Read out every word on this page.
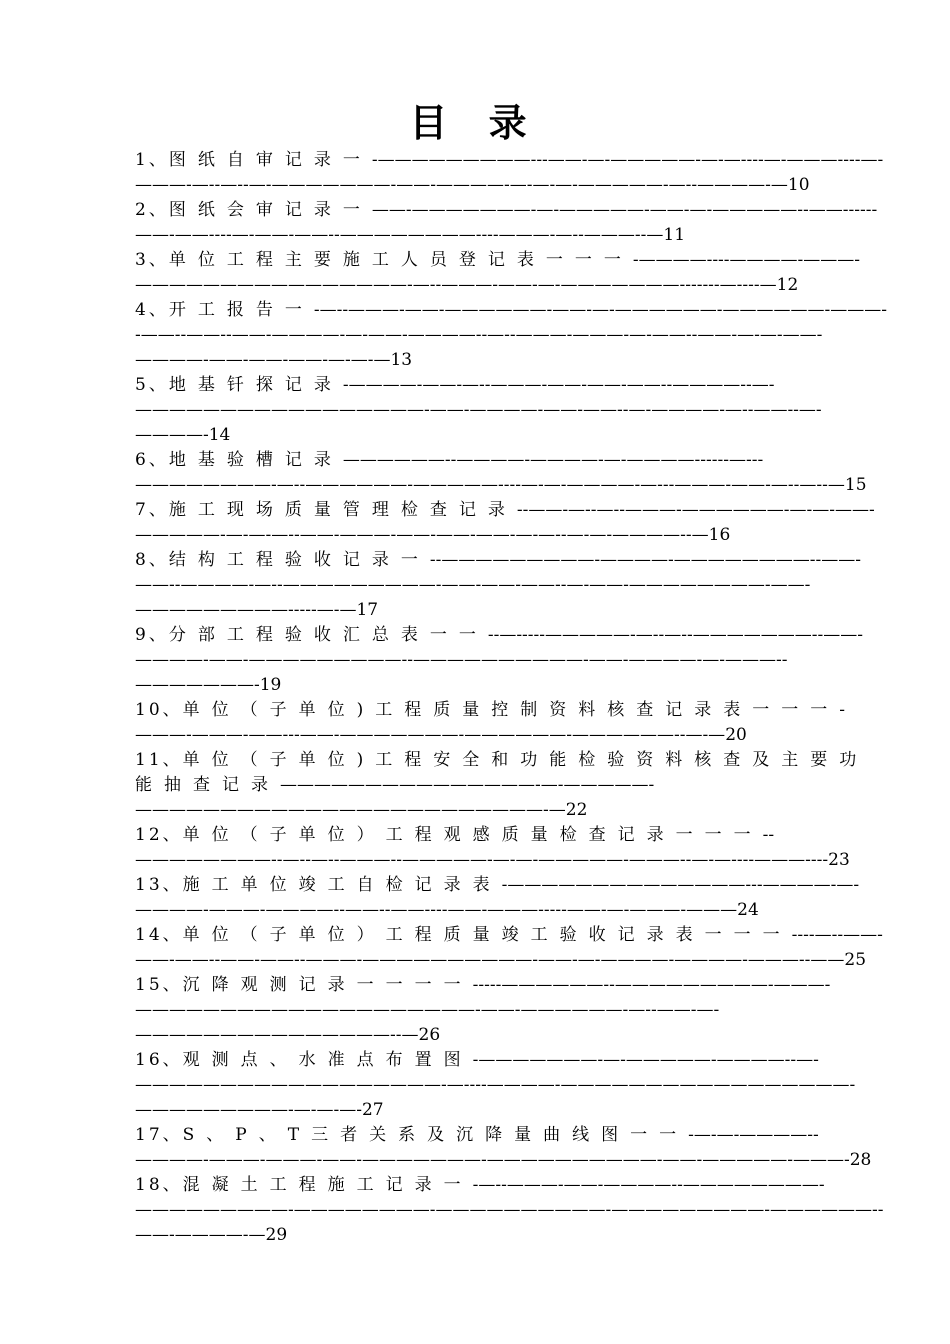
目 录
1、图纸自审记录一-—————————---——-—-—————-—-—----—-———----—-———-—--—--—-———————-——-————-—-—-—-—————-—--————-—10
2、图纸会审记录一——-———————-—-—————-——-—-—————--——------——-——----—-——-——--————————----———-—--———--—11
3、单位工程主要施工人员登记表一一一-————----————-———-————————————————-—--———-——-—-———————-------—----—12
4、开工报告一-—--———-——-——————-——-—-——————-——————-———--——--——--——-————-—-——-————--—--———-———-—-——--——-—-—-——-————-——-——-——-—-—-—13
5、地基钎探记录-————-——-—--———-——-——-——--————--—-—————————————————-——-————-——-——--—-————-—--——--—-————-14
6、地基验槽记录——————--————-————-—-————------—---————————-—--——————-—————----—-—-————-—---———-——-—--—--—15
7、施工现场质量管理检查记录--——-—--—--———-——————-—-—-——-—————-—-—-—--——-———-——-——-——-—-—--—-—-————--—16
8、结构工程验收记录一--—————————-————-————————--——-——--————-—--—————————-——-——-——--—-——-————————-——-—————————-----—-—17
9、分部工程验收汇总表一一--—-----—————-—--—--———————--——-————-——-—————————--——————————-——-————-—-———--———————-19
10、单位（子单位)工程质量控制资料核查记录表一一一-———-———-——---——-———————-——————-——————--—-—20
11、单位（子单位)工程安全和功能检验资料核查及主要功能抽查记录———————————————-—-—————-————————————————————————-—22
12、单位（子单位）工程观感质量检查记录一一一--————————--—--—--———--—————-—-—-—————-———--—-—----———----23
13、施工单位竣工自检记录表-——————————————---————-—-————-———-————--——--——----——-———-----——-—-———-———24
14、单位（子单位）工程质量竣工验收记录表一一一----—--——-——-——--——-——--———-——————————-——-—-————-————-———--——25
15、沉降观测记录一一一一-----——————--—————————-———-————————————————————-——-——————-—--——-—-———————————————--—26
16、观测点、水准点布置图-———————-—-—————-————--—-——————————————————-—----————-—————————————————-—————————-—-—-—-27
17、S、P、T三者关系及沉降量曲线图一一-—-—-————--————-———-———-——-———————-——————————-——-—————-———-28
18、混凝土工程施工记录一-—--———-——-————--————————-—————————-————————-——————————-—————————-——————--——-————-—29
